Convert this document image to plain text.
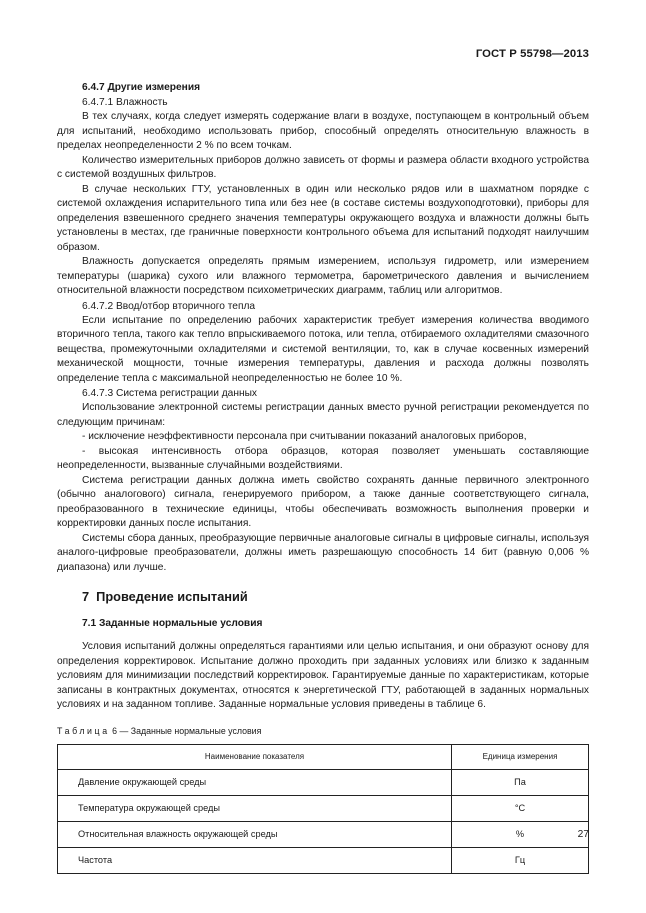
ГОСТ Р 55798—2013
6.4.7 Другие измерения
6.4.7.1 Влажность

В тех случаях, когда следует измерять содержание влаги в воздухе, поступающем в контрольный объем для испытаний, необходимо использовать прибор, способный определять относительную влажность в пределах неопределенности 2 % по всем точкам.

Количество измерительных приборов должно зависеть от формы и размера области входного устройства с системой воздушных фильтров.

В случае нескольких ГТУ, установленных в один или несколько рядов или в шахматном порядке с системой охлаждения испарительного типа или без нее (в составе системы воздухоподготовки), приборы для определения взвешенного среднего значения температуры окружающего воздуха и влажности должны быть установлены в местах, где граничные поверхности контрольного объема для испытаний подходят наилучшим образом.

Влажность допускается определять прямым измерением, используя гидрометр, или измерением температуры (шарика) сухого или влажного термометра, барометрического давления и вычислением относительной влажности посредством психометрических диаграмм, таблиц или алгоритмов.

6.4.7.2 Ввод/отбор вторичного тепла

Если испытание по определению рабочих характеристик требует измерения количества вводимого вторичного тепла, такого как тепло впрыскиваемого потока, или тепла, отбираемого охладителями смазочного вещества, промежуточными охладителями и системой вентиляции, то, как в случае косвенных измерений механической мощности, точные измерения температуры, давления и расхода должны позволять определение тепла с максимальной неопределенностью не более 10 %.

6.4.7.3 Система регистрации данных

Использование электронной системы регистрации данных вместо ручной регистрации рекомендуется по следующим причинам:

- исключение неэффективности персонала при считывании показаний аналоговых приборов,

- высокая интенсивность отбора образцов, которая позволяет уменьшать составляющие неопределенности, вызванные случайными воздействиями.

Система регистрации данных должна иметь свойство сохранять данные первичного электронного (обычно аналогового) сигнала, генерируемого прибором, а также данные соответствующего сигнала, преобразованного в технические единицы, чтобы обеспечивать возможность выполнения проверки и корректировки данных после испытания.

Системы сбора данных, преобразующие первичные аналоговые сигналы в цифровые сигналы, используя аналого-цифровые преобразователи, должны иметь разрешающую способность 14 бит (равную 0,006 % диапазона) или лучше.

7 Проведение испытаний
7.1 Заданные нормальные условия

Условия испытаний должны определяться гарантиями или целью испытания, и они образуют основу для определения корректировок. Испытание должно проходить при заданных условиях или близко к заданным условиям для минимизации последствий корректировок. Гарантируемые данные по характеристикам, которые записаны в контрактных документах, относятся к энергетической ГТУ, работающей в заданных нормальных условиях и на заданном топливе. Заданные нормальные условия приведены в таблице 6.

Таблица 6 — Заданные нормальные условия
Наименование показателя	Единица измерения
Давление окружающей среды	Па
Температура окружающей среды	°С
Относительная влажность окружающей среды	%
Частота	Гц
27
